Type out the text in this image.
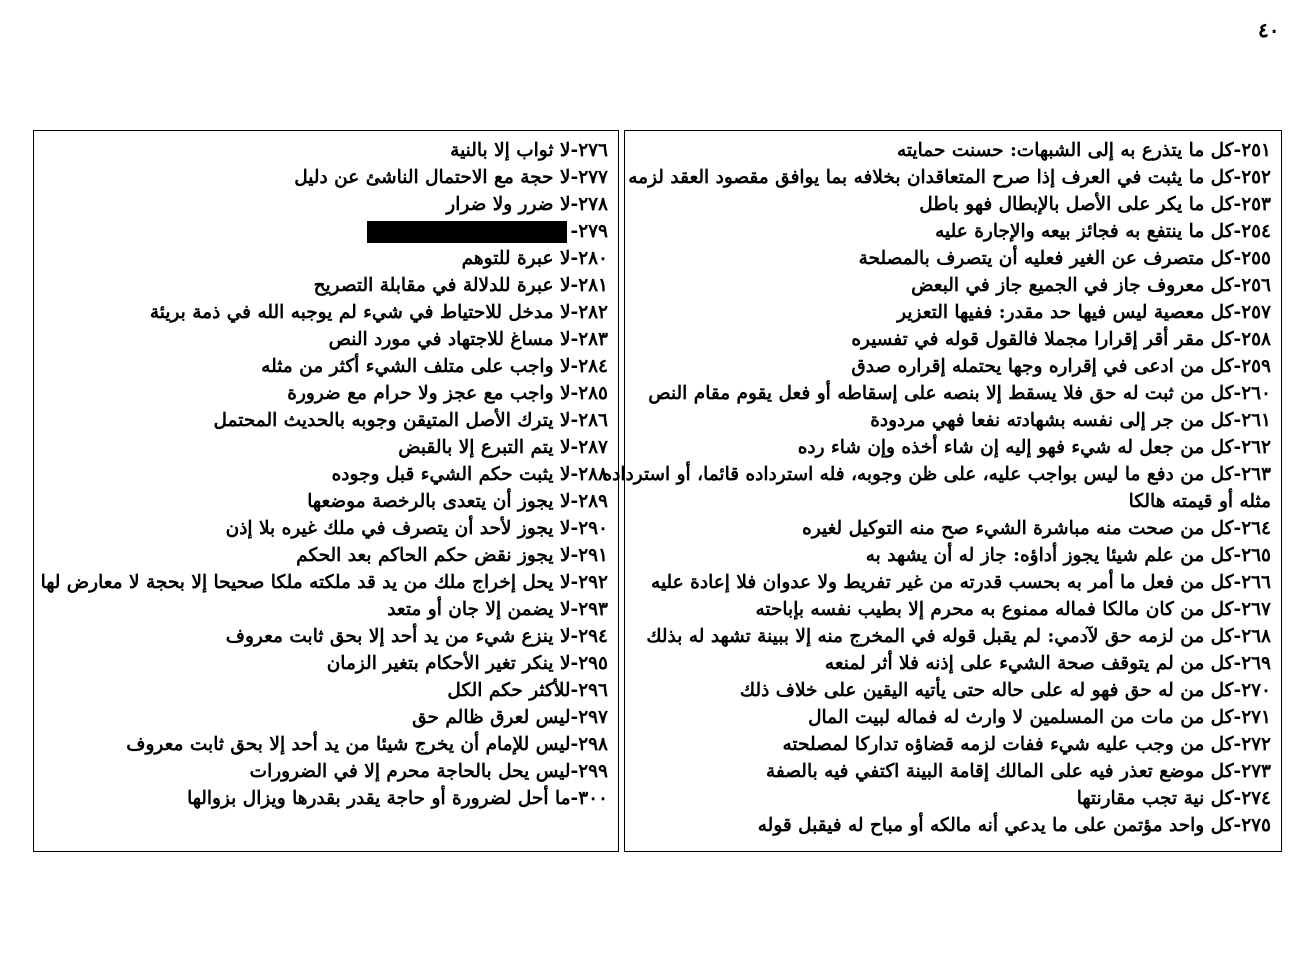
٤٠
٢٥١-كل ما يتذرع به إلى الشبهات: حسنت حمايته
٢٥٢-كل ما يثبت في العرف إذا صرح المتعاقدان بخلافه بما يوافق مقصود العقد لزمه
٢٥٣-كل ما يكر على الأصل بالإبطال فهو باطل
٢٥٤-كل ما ينتفع به فجائز بيعه والإجارة عليه
٢٥٥-كل متصرف عن الغير فعليه أن يتصرف بالمصلحة
٢٥٦-كل معروف جاز في الجميع جاز في البعض
٢٥٧-كل معصية ليس فيها حد مقدر: ففيها التعزير
٢٥٨-كل مقر أقر إقرارا مجملا فالقول قوله في تفسيره
٢٥٩-كل من ادعى في إقراره وجها يحتمله إقراره صدق
٢٦٠-كل من ثبت له حق فلا يسقط إلا بنصه على إسقاطه أو فعل يقوم مقام النص
٢٦١-كل من جر إلى نفسه بشهادته نفعا فهي مردودة
٢٦٢-كل من جعل له شيء فهو إليه إن شاء أخذه وإن شاء رده
٢٦٣-كل من دفع ما ليس بواجب عليه، على ظن وجوبه، فله استرداده قائما، أو استرداده
مثله أو قيمته هالكا
٢٦٤-كل من صحت منه مباشرة الشيء صح منه التوكيل لغيره
٢٦٥-كل من علم شيئا يجوز أداؤه: جاز له أن يشهد به
٢٦٦-كل من فعل ما أمر به بحسب قدرته من غير تفريط ولا عدوان فلا إعادة عليه
٢٦٧-كل من كان مالكا فماله ممنوع به محرم إلا بطيب نفسه بإباحته
٢٦٨-كل من لزمه حق لآدمي: لم يقبل قوله في المخرج منه إلا ببينة تشهد له بذلك
٢٦٩-كل من لم يتوقف صحة الشيء على إذنه فلا أثر لمنعه
٢٧٠-كل من له حق فهو له على حاله حتى يأتيه اليقين على خلاف ذلك
٢٧١-كل من مات من المسلمين لا وارث له فماله لبيت المال
٢٧٢-كل من وجب عليه شيء ففات لزمه قضاؤه تداركا لمصلحته
٢٧٣-كل موضع تعذر فيه على المالك إقامة البينة اكتفي فيه بالصفة
٢٧٤-كل نية تجب مقارنتها
٢٧٥-كل واحد مؤتمن على ما يدعي أنه مالكه أو مباح له فيقبل قوله
٢٧٦-لا ثواب إلا بالنية
٢٧٧-لا حجة مع الاحتمال الناشئ عن دليل
٢٧٨-لا ضرر ولا ضرار
٢٧٩-
٢٨٠-لا عبرة للتوهم
٢٨١-لا عبرة للدلالة في مقابلة التصريح
٢٨٢-لا مدخل للاحتياط في شيء لم يوجبه الله في ذمة بريئة
٢٨٣-لا مساغ للاجتهاد في مورد النص
٢٨٤-لا واجب على متلف الشيء أكثر من مثله
٢٨٥-لا واجب مع عجز ولا حرام مع ضرورة
٢٨٦-لا يترك الأصل المتيقن وجوبه بالحديث المحتمل
٢٨٧-لا يتم التبرع إلا بالقبض
٢٨٨-لا يثبت حكم الشيء قبل وجوده
٢٨٩-لا يجوز أن يتعدى بالرخصة موضعها
٢٩٠-لا يجوز لأحد أن يتصرف في ملك غيره بلا إذن
٢٩١-لا يجوز نقض حكم الحاكم بعد الحكم
٢٩٢-لا يحل إخراج ملك من يد قد ملكته ملكا صحيحا إلا بحجة لا معارض لها
٢٩٣-لا يضمن إلا جان أو متعد
٢٩٤-لا ينزع شيء من يد أحد إلا بحق ثابت معروف
٢٩٥-لا ينكر تغير الأحكام بتغير الزمان
٢٩٦-للأكثر حكم الكل
٢٩٧-ليس لعرق ظالم حق
٢٩٨-ليس للإمام أن يخرج شيئا من يد أحد إلا بحق ثابت معروف
٢٩٩-ليس يحل بالحاجة محرم إلا في الضرورات
٣٠٠-ما أحل لضرورة أو حاجة يقدر بقدرها ويزال بزوالها
